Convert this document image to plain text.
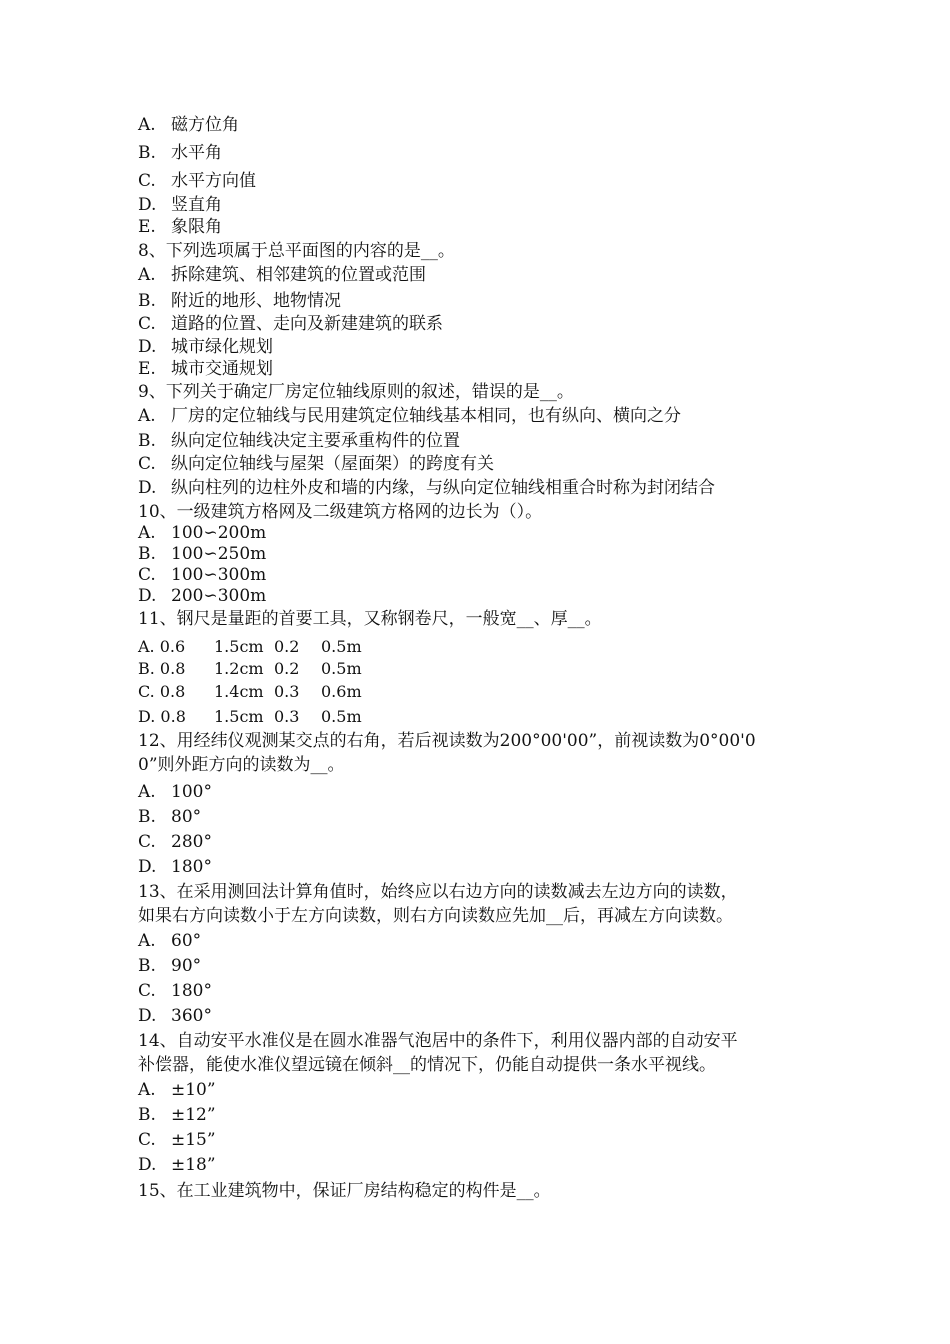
A. 磁方位角
B. 水平角
C. 水平方向值
D. 竖直角
E. 象限角
8、下列选项属于总平面图的内容的是__。
A. 拆除建筑、相邻建筑的位置或范围
B. 附近的地形、地物情况
C. 道路的位置、走向及新建建筑的联系
D. 城市绿化规划
E. 城市交通规划
9、下列关于确定厂房定位轴线原则的叙述，错误的是__。
A. 厂房的定位轴线与民用建筑定位轴线基本相同，也有纵向、横向之分
B. 纵向定位轴线决定主要承重构件的位置
C. 纵向定位轴线与屋架（屋面架）的跨度有关
D. 纵向柱列的边柱外皮和墙的内缘，与纵向定位轴线相重合时称为封闭结合
10、一级建筑方格网及二级建筑方格网的边长为（）。
A. 100∽200m
B. 100∽250m
C. 100∽300m
D. 200∽300m
11、钢尺是量距的首要工具，又称钢卷尺，一般宽__、厚__。
A. 0.6 1.5cm 0.2 0.5m
B. 0.8 1.2cm 0.2 0.5m
C. 0.8 1.4cm 0.3 0.6m
D. 0.8 1.5cm 0.3 0.5m
12、用经纬仪观测某交点的右角，若后视读数为200°00'00”，前视读数为0°00'0
0”则外距方向的读数为__。
A. 100°
B. 80°
C. 280°
D. 180°
13、在采用测回法计算角值时，始终应以右边方向的读数减去左边方向的读数，
如果右方向读数小于左方向读数，则右方向读数应先加__后，再减左方向读数。
A. 60°
B. 90°
C. 180°
D. 360°
14、自动安平水准仪是在圆水准器气泡居中的条件下，利用仪器内部的自动安平
补偿器，能使水准仪望远镜在倾斜__的情况下，仍能自动提供一条水平视线。
A. ±10”
B. ±12”
C. ±15”
D. ±18”
15、在工业建筑物中，保证厂房结构稳定的构件是__。
